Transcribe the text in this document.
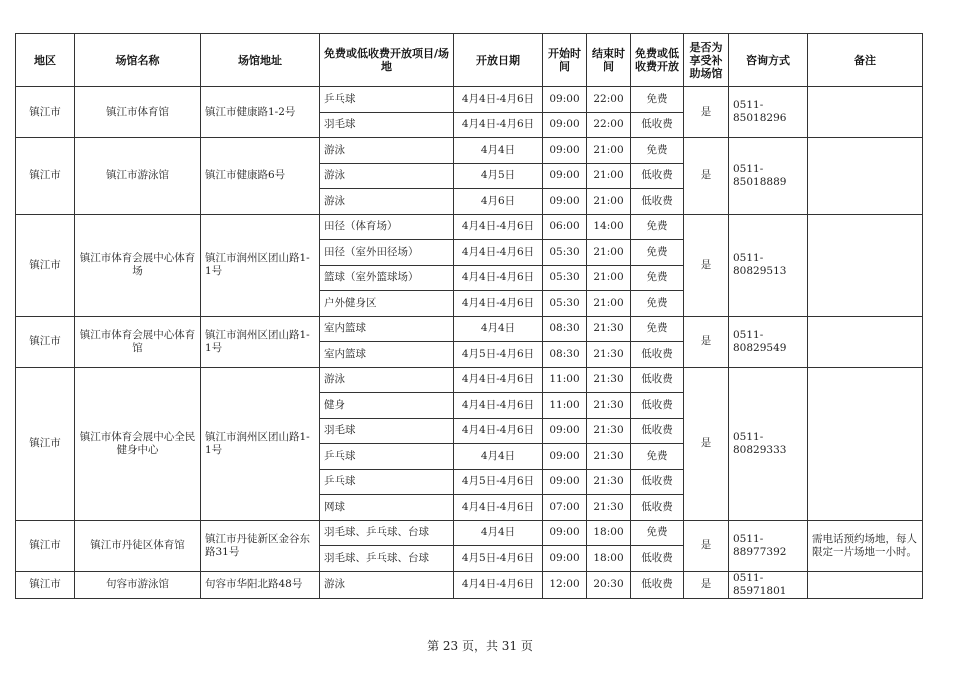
地区	场馆名称	场馆地址	免费或低收费开放项目/场地	开放日期	开始时间	结束时间	免费或低收费开放	是否为享受补助场馆	咨询方式	备注
镇江市	镇江市体育馆	镇江市健康路1-2号	乒乓球	4月4日-4月6日	09:00	22:00	免费	是	0511-85018296	
			羽毛球	4月4日-4月6日	09:00	22:00	低收费			
镇江市	镇江市游泳馆	镇江市健康路6号	游泳	4月4日	09:00	21:00	免费	是	0511-85018889	
			游泳	4月5日	09:00	21:00	低收费			
			游泳	4月6日	09:00	21:00	低收费			
镇江市	镇江市体育会展中心体育场	镇江市润州区团山路1-1号	田径（体育场）	4月4日-4月6日	06:00	14:00	免费	是	0511-80829513	
			田径（室外田径场）	4月4日-4月6日	05:30	21:00	免费			
			篮球（室外篮球场）	4月4日-4月6日	05:30	21:00	免费			
			户外健身区	4月4日-4月6日	05:30	21:00	免费			
镇江市	镇江市体育会展中心体育馆	镇江市润州区团山路1-1号	室内篮球	4月4日	08:30	21:30	免费	是	0511-80829549	
			室内篮球	4月5日-4月6日	08:30	21:30	低收费			
镇江市	镇江市体育会展中心全民健身中心	镇江市润州区团山路1-1号	游泳	4月4日-4月6日	11:00	21:30	低收费	是	0511-80829333	
			健身	4月4日-4月6日	11:00	21:30	低收费			
			羽毛球	4月4日-4月6日	09:00	21:30	低收费			
			乒乓球	4月4日	09:00	21:30	免费			
			乒乓球	4月5日-4月6日	09:00	21:30	低收费			
			网球	4月4日-4月6日	07:00	21:30	低收费			
镇江市	镇江市丹徒区体育馆	镇江市丹徒新区金谷东路31号	羽毛球、乒乓球、台球	4月4日	09:00	18:00	免费	是	0511-88977392	需电话预约场地，每人限定一片场地一小时。
			羽毛球、乒乓球、台球	4月5日-4月6日	09:00	18:00	低收费			
镇江市	句容市游泳馆	句容市华阳北路48号	游泳	4月4日-4月6日	12:00	20:30	低收费	是	0511-85971801	
第 23 页，共 31 页
